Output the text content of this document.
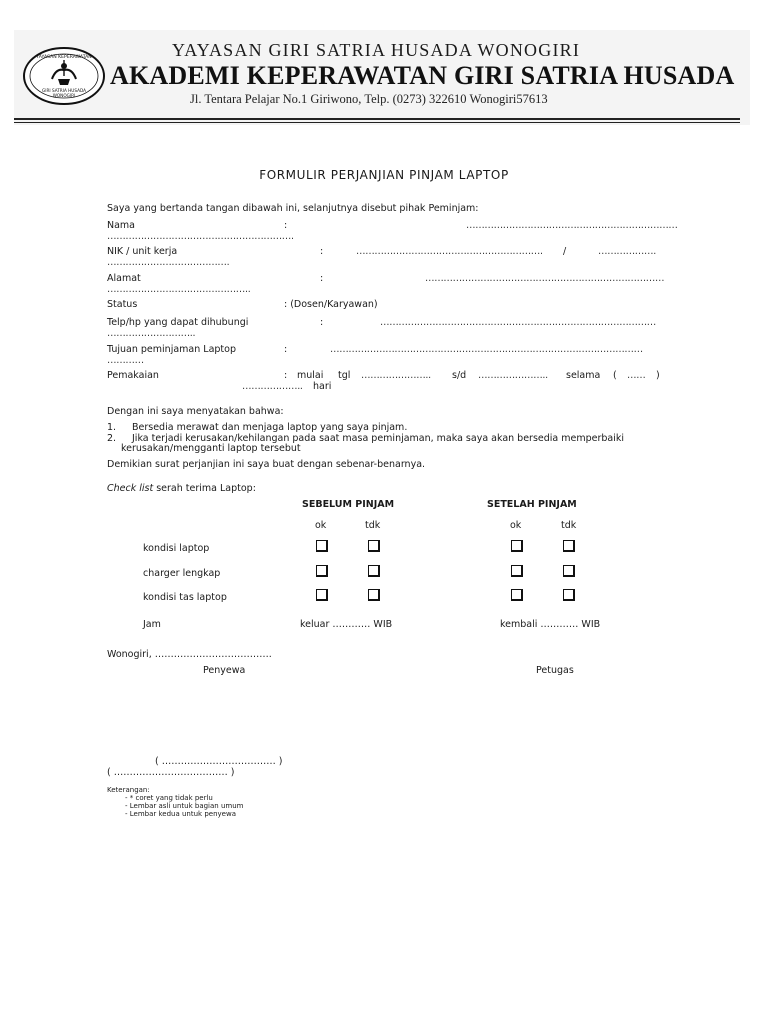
YAYASAN KEPERAWATAN
GIRI SATRIA HUSADA
WONOGIRI
YAYASAN GIRI SATRIA HUSADA WONOGIRI
AKADEMI KEPERAWATAN GIRI SATRIA HUSADA
Jl. Tentara Pelajar No.1 Giriwono, Telp. (0273) 322610 Wonogiri57613
FORMULIR PERJANJIAN PINJAM LAPTOP
Saya yang bertanda tangan dibawah ini, selanjutnya disebut pihak Peminjam:
Nama	:	……………………………………………………………
…………………………………………………….
NIK / unit kerja	:	……………………………………………………. /	……………….
………………………………….
Alamat	:	……………………………………………………………………
………………………………………..
Status	: (Dosen/Karyawan)
Telp/hp yang dapat dihubungi	:	………………………………………………………………………………
………………………..
Tujuan peminjaman Laptop	:	…………………………………………………………………………………………
…………
Pemakaian	: mulai tgl ………………….. s/d ………………….. selama ( …… )
……………….. hari
Dengan ini saya menyatakan bahwa:
1. Bersedia merawat dan menjaga laptop yang saya pinjam.
2. Jika terjadi kerusakan/kehilangan pada saat masa peminjaman, maka saya akan bersedia memperbaiki
kerusakan/mengganti laptop tersebut
Demikian surat perjanjian ini saya buat dengan sebenar-benarnya.
Check list serah terima Laptop:
SEBELUM PINJAM	SETELAH PINJAM
ok	tdk	ok	tdk
kondisi laptop
charger lengkap
kondisi tas laptop
Jam	keluar ………… WIB	kembali ………… WIB
Wonogiri, ……………………………….
Penyewa	Petugas
( ……………………………… )
( ……………………………… )
Keterangan:
- * coret yang tidak perlu
- Lembar asli untuk bagian umum
- Lembar kedua untuk penyewa
